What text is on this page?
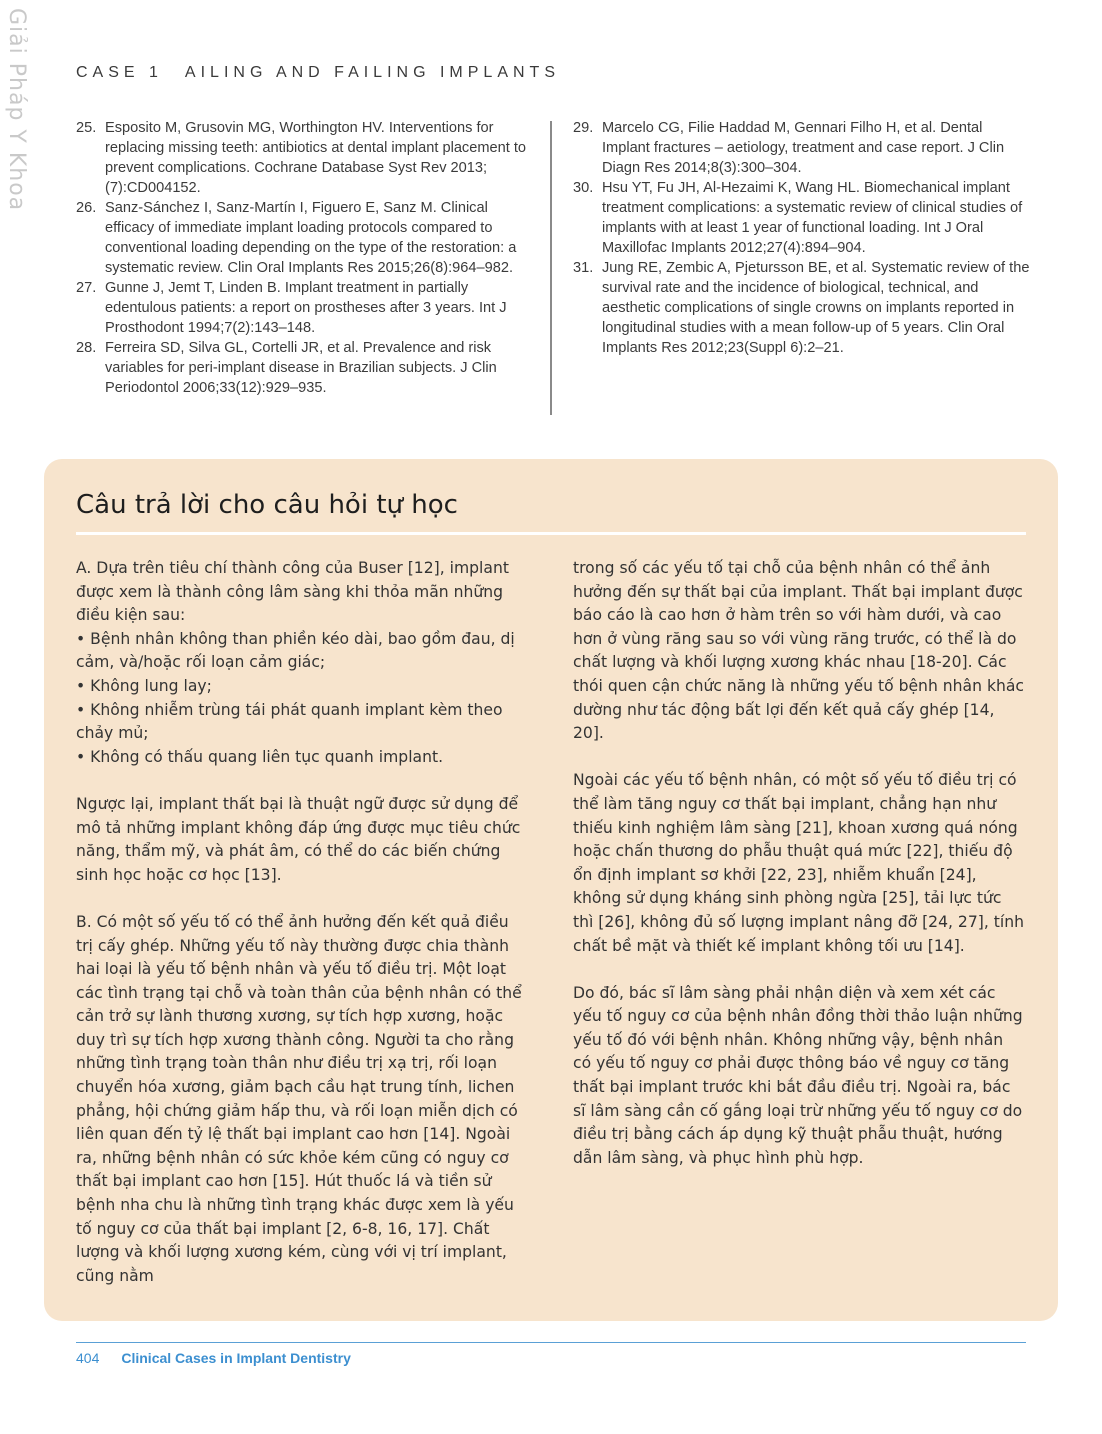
Giải Pháp Y Khoa	CASE 1 AILING AND FAILING IMPLANTS
25. Esposito M, Grusovin MG, Worthington HV. Interventions for replacing missing teeth: antibiotics at dental implant placement to prevent complications. Cochrane Database Syst Rev 2013;(7):CD004152.
26. Sanz-Sánchez I, Sanz-Martín I, Figuero E, Sanz M. Clinical efficacy of immediate implant loading protocols compared to conventional loading depending on the type of the restoration: a systematic review. Clin Oral Implants Res 2015;26(8):964–982.
27. Gunne J, Jemt T, Linden B. Implant treatment in partially edentulous patients: a report on prostheses after 3 years. Int J Prosthodont 1994;7(2):143–148.
28. Ferreira SD, Silva GL, Cortelli JR, et al. Prevalence and risk variables for peri-implant disease in Brazilian subjects. J Clin Periodontol 2006;33(12):929–935.
29. Marcelo CG, Filie Haddad M, Gennari Filho H, et al. Dental Implant fractures – aetiology, treatment and case report. J Clin Diagn Res 2014;8(3):300–304.
30. Hsu YT, Fu JH, Al-Hezaimi K, Wang HL. Biomechanical implant treatment complications: a systematic review of clinical studies of implants with at least 1 year of functional loading. Int J Oral Maxillofac Implants 2012;27(4):894–904.
31. Jung RE, Zembic A, Pjetursson BE, et al. Systematic review of the survival rate and the incidence of biological, technical, and aesthetic complications of single crowns on implants reported in longitudinal studies with a mean follow-up of 5 years. Clin Oral Implants Res 2012;23(Suppl 6):2–21.
Câu trả lời cho câu hỏi tự học

A. Dựa trên tiêu chí thành công của Buser [12], implant được xem là thành công lâm sàng khi thỏa mãn những điều kiện sau:

• Bệnh nhân không than phiền kéo dài, bao gồm đau, dị cảm, và/hoặc rối loạn cảm giác;

• Không lung lay;

• Không nhiễm trùng tái phát quanh implant kèm theo chảy mủ;

• Không có thấu quang liên tục quanh implant.

Ngược lại, implant thất bại là thuật ngữ được sử dụng để mô tả những implant không đáp ứng được mục tiêu chức năng, thẩm mỹ, và phát âm, có thể do các biến chứng sinh học hoặc cơ học [13].

B. Có một số yếu tố có thể ảnh hưởng đến kết quả điều trị cấy ghép. Những yếu tố này thường được chia thành hai loại là yếu tố bệnh nhân và yếu tố điều trị. Một loạt các tình trạng tại chỗ và toàn thân của bệnh nhân có thể cản trở sự lành thương xương, sự tích hợp xương, hoặc duy trì sự tích hợp xương thành công. Người ta cho rằng những tình trạng toàn thân như điều trị xạ trị, rối loạn chuyển hóa xương, giảm bạch cầu hạt trung tính, lichen phẳng, hội chứng giảm hấp thu, và rối loạn miễn dịch có liên quan đến tỷ lệ thất bại implant cao hơn [14]. Ngoài ra, những bệnh nhân có sức khỏe kém cũng có nguy cơ thất bại implant cao hơn [15]. Hút thuốc lá và tiền sử bệnh nha chu là những tình trạng khác được xem là yếu tố nguy cơ của thất bại implant [2, 6-8, 16, 17]. Chất lượng và khối lượng xương kém, cùng với vị trí implant, cũng nằm

trong số các yếu tố tại chỗ của bệnh nhân có thể ảnh hưởng đến sự thất bại của implant. Thất bại implant được báo cáo là cao hơn ở hàm trên so với hàm dưới, và cao hơn ở vùng răng sau so với vùng răng trước, có thể là do chất lượng và khối lượng xương khác nhau [18-20]. Các thói quen cận chức năng là những yếu tố bệnh nhân khác dường như tác động bất lợi đến kết quả cấy ghép [14, 20].

Ngoài các yếu tố bệnh nhân, có một số yếu tố điều trị có thể làm tăng nguy cơ thất bại implant, chẳng hạn như thiếu kinh nghiệm lâm sàng [21], khoan xương quá nóng hoặc chấn thương do phẫu thuật quá mức [22], thiếu độ ổn định implant sơ khởi [22, 23], nhiễm khuẩn [24], không sử dụng kháng sinh phòng ngừa [25], tải lực tức thì [26], không đủ số lượng implant nâng đỡ [24, 27], tính chất bề mặt và thiết kế implant không tối ưu [14].

Do đó, bác sĩ lâm sàng phải nhận diện và xem xét các yếu tố nguy cơ của bệnh nhân đồng thời thảo luận những yếu tố đó với bệnh nhân. Không những vậy, bệnh nhân có yếu tố nguy cơ phải được thông báo về nguy cơ tăng thất bại implant trước khi bắt đầu điều trị. Ngoài ra, bác sĩ lâm sàng cần cố gắng loại trừ những yếu tố nguy cơ do điều trị bằng cách áp dụng kỹ thuật phẫu thuật, hướng dẫn lâm sàng, và phục hình phù hợp.

404 Clinical Cases in Implant Dentistry
